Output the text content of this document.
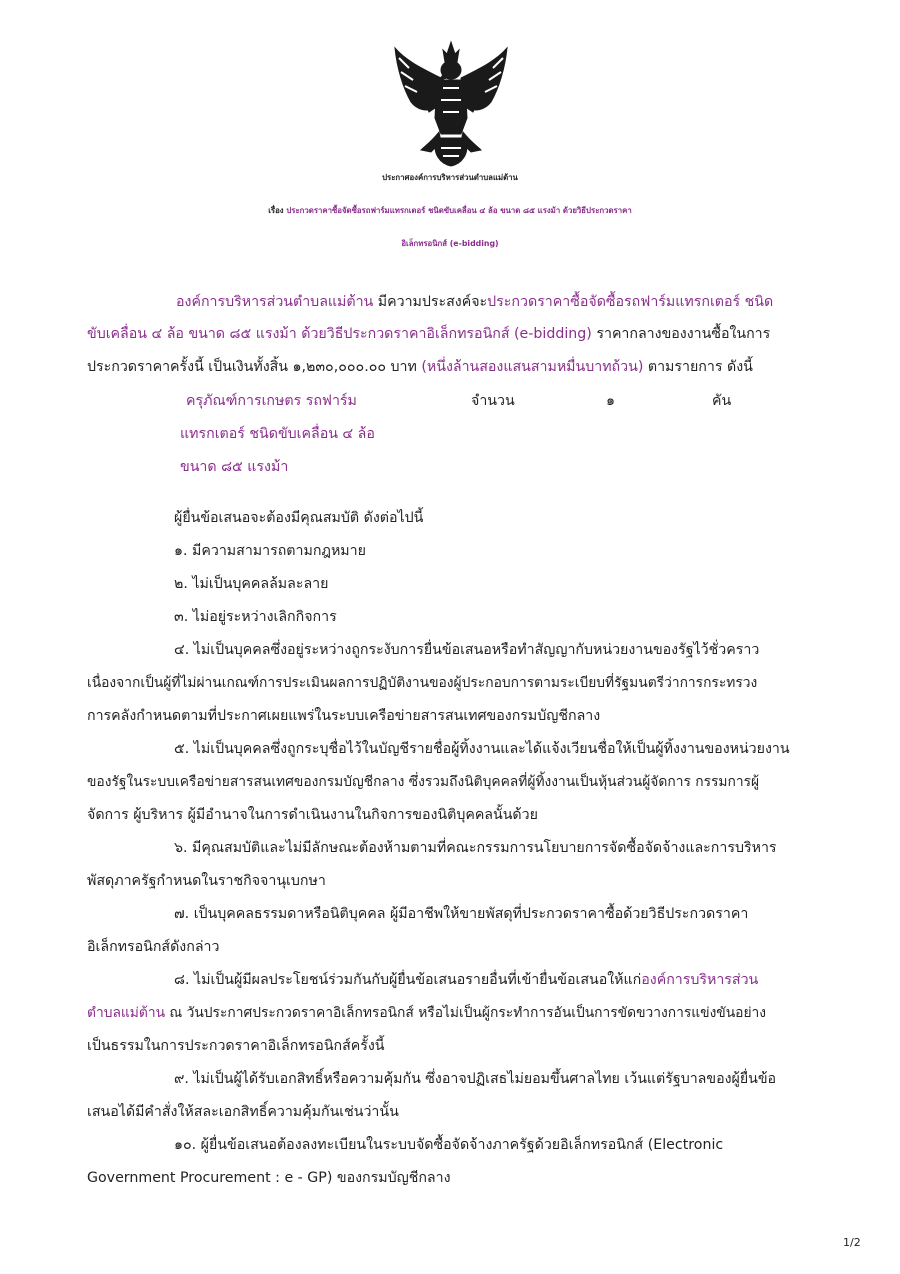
ประกาศองค์การบริหารส่วนตำบลแม่ต้าน
เรื่อง ประกวดราคาซื้อจัดซื้อรถฟาร์มแทรกเตอร์ ชนิดขับเคลื่อน ๔ ล้อ ขนาด ๘๕ แรงม้า ด้วยวิธีประกวดราคา
อิเล็กทรอนิกส์ (e-bidding)
องค์การบริหารส่วนตำบลแม่ต้าน มีความประสงค์จะประกวดราคาซื้อจัดซื้อรถฟาร์มแทรกเตอร์ ชนิด
ขับเคลื่อน ๔ ล้อ ขนาด ๘๕ แรงม้า ด้วยวิธีประกวดราคาอิเล็กทรอนิกส์ (e-bidding) ราคากลางของงานซื้อในการ
ประกวดราคาครั้งนี้ เป็นเงินทั้งสิ้น ๑,๒๓๐,๐๐๐.๐๐ บาท (หนึ่งล้านสองแสนสามหมื่นบาทถ้วน) ตามรายการ ดังนี้
ครุภัณฑ์การเกษตร รถฟาร์ม	จำนวน	๑	คัน
แทรกเตอร์ ชนิดขับเคลื่อน ๔ ล้อ
ขนาด ๘๕ แรงม้า
ผู้ยื่นข้อเสนอจะต้องมีคุณสมบัติ ดังต่อไปนี้
๑. มีความสามารถตามกฎหมาย
๒. ไม่เป็นบุคคลล้มละลาย
๓. ไม่อยู่ระหว่างเลิกกิจการ
๔. ไม่เป็นบุคคลซึ่งอยู่ระหว่างถูกระงับการยื่นข้อเสนอหรือทำสัญญากับหน่วยงานของรัฐไว้ชั่วคราว
เนื่องจากเป็นผู้ที่ไม่ผ่านเกณฑ์การประเมินผลการปฏิบัติงานของผู้ประกอบการตามระเบียบที่รัฐมนตรีว่าการกระทรวง
การคลังกำหนดตามที่ประกาศเผยแพร่ในระบบเครือข่ายสารสนเทศของกรมบัญชีกลาง
๕. ไม่เป็นบุคคลซึ่งถูกระบุชื่อไว้ในบัญชีรายชื่อผู้ทิ้งงานและได้แจ้งเวียนชื่อให้เป็นผู้ทิ้งงานของหน่วยงาน
ของรัฐในระบบเครือข่ายสารสนเทศของกรมบัญชีกลาง ซึ่งรวมถึงนิติบุคคลที่ผู้ทิ้งงานเป็นหุ้นส่วนผู้จัดการ กรรมการผู้
จัดการ ผู้บริหาร ผู้มีอำนาจในการดำเนินงานในกิจการของนิติบุคคลนั้นด้วย
๖. มีคุณสมบัติและไม่มีลักษณะต้องห้ามตามที่คณะกรรมการนโยบายการจัดซื้อจัดจ้างและการบริหาร
พัสดุภาครัฐกำหนดในราชกิจจานุเบกษา
๗. เป็นบุคคลธรรมดาหรือนิติบุคคล ผู้มีอาชีพให้ขายพัสดุที่ประกวดราคาซื้อด้วยวิธีประกวดราคา
อิเล็กทรอนิกส์ดังกล่าว
๘. ไม่เป็นผู้มีผลประโยชน์ร่วมกันกับผู้ยื่นข้อเสนอรายอื่นที่เข้ายื่นข้อเสนอให้แก่องค์การบริหารส่วน
ตำบลแม่ต้าน ณ วันประกาศประกวดราคาอิเล็กทรอนิกส์ หรือไม่เป็นผู้กระทำการอันเป็นการขัดขวางการแข่งขันอย่าง
เป็นธรรมในการประกวดราคาอิเล็กทรอนิกส์ครั้งนี้
๙. ไม่เป็นผู้ได้รับเอกสิทธิ์หรือความคุ้มกัน ซึ่งอาจปฏิเสธไม่ยอมขึ้นศาลไทย เว้นแต่รัฐบาลของผู้ยื่นข้อ
เสนอได้มีคำสั่งให้สละเอกสิทธิ์ความคุ้มกันเช่นว่านั้น
๑๐. ผู้ยื่นข้อเสนอต้องลงทะเบียนในระบบจัดซื้อจัดจ้างภาครัฐด้วยอิเล็กทรอนิกส์ (Electronic
Government Procurement : e - GP) ของกรมบัญชีกลาง
1/2
